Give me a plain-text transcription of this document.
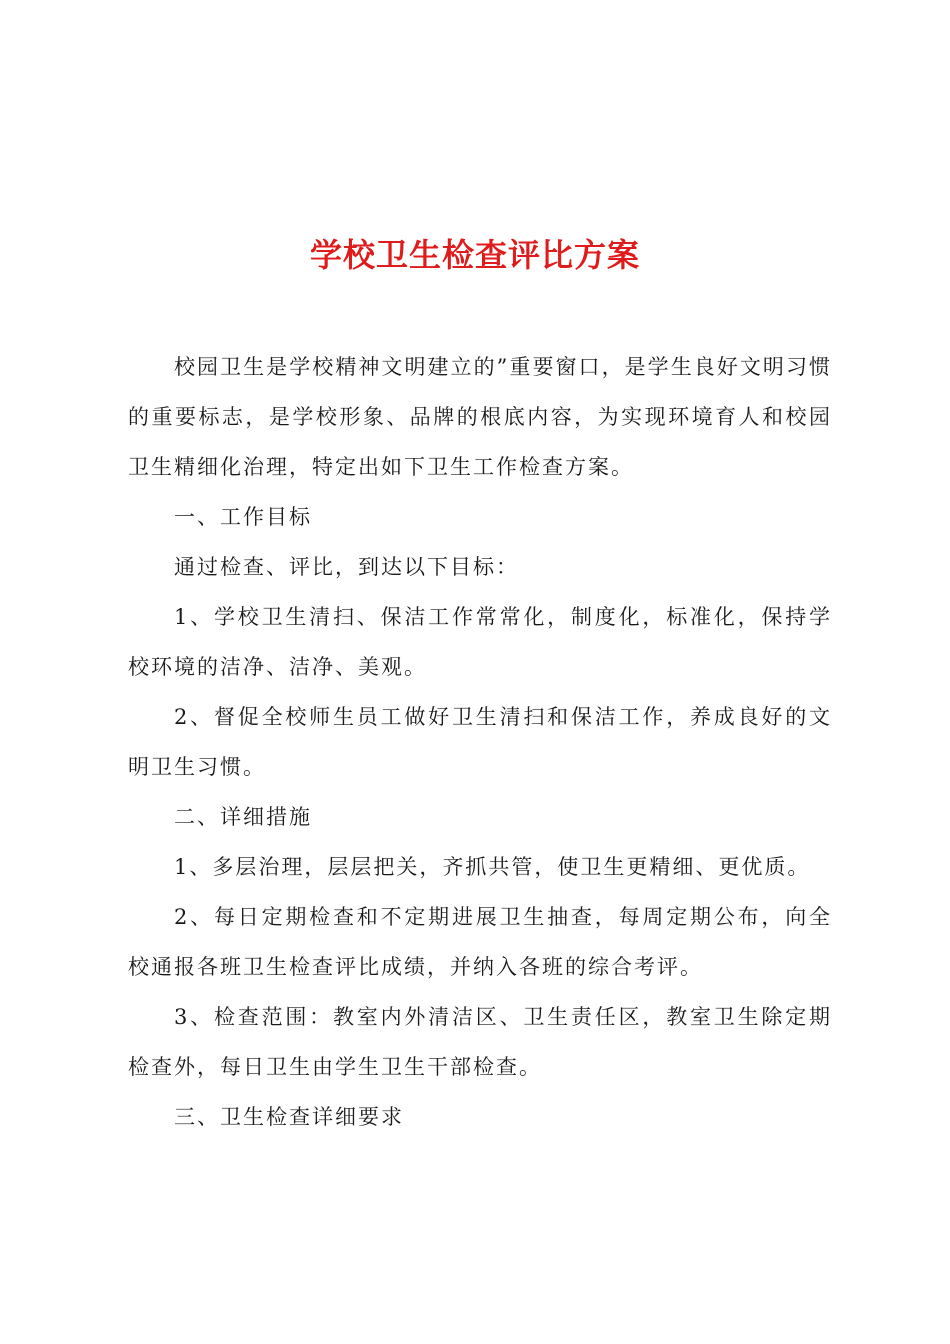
学校卫生检查评比方案

校园卫生是学校精神文明建立的”重要窗口，是学生良好文明习惯的重要标志，是学校形象、品牌的根底内容，为实现环境育人和校园卫生精细化治理，特定出如下卫生工作检查方案。

一、工作目标

通过检查、评比，到达以下目标：

1、学校卫生清扫、保洁工作常常化，制度化，标准化，保持学校环境的洁净、洁净、美观。

2、督促全校师生员工做好卫生清扫和保洁工作，养成良好的文明卫生习惯。

二、详细措施

1、多层治理，层层把关，齐抓共管，使卫生更精细、更优质。

2、每日定期检查和不定期进展卫生抽查，每周定期公布，向全校通报各班卫生检查评比成绩，并纳入各班的综合考评。

3、检查范围：教室内外清洁区、卫生责任区，教室卫生除定期检查外，每日卫生由学生卫生干部检查。

三、卫生检查详细要求
